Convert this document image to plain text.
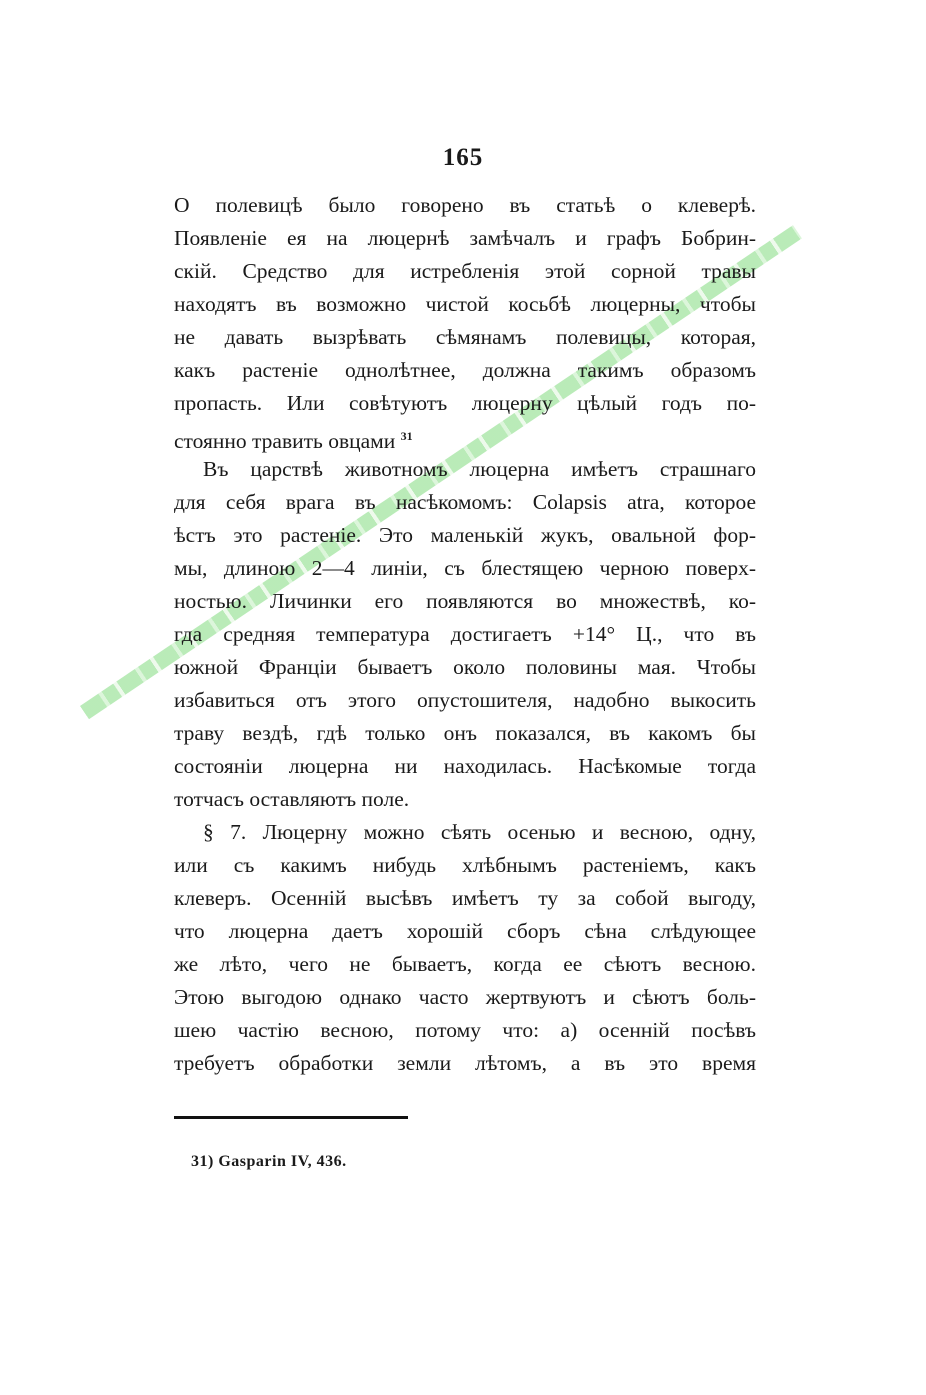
165
О полевицѣ было говорено въ статьѣ о клеверѣ.
Появленіе ея на люцернѣ замѣчалъ и графъ Бобрин-
скій. Средство для истребленія этой сорной травы
находятъ въ возможно чистой косьбѣ люцерны, чтобы
не давать вызрѣвать сѣмянамъ полевицы, которая,
какъ растеніе однолѣтнее, должна такимъ образомъ
пропасть. Или совѣтуютъ люцерну цѣлый годъ по-
стоянно травить овцами $^{31}$
Въ царствѣ животномъ люцерна имѣетъ страшнаго
для себя врага въ насѣкомомъ: Colapsis atra, которое
ѣстъ это растеніе. Это маленькій жукъ, овальной фор-
мы, длиною 2—4 линіи, съ блестящею черною поверх-
ностью. Личинки его появляются во множествѣ, ко-
гда средняя температура достигаетъ +14° Ц., что въ
южной Франціи бываетъ около половины мая. Чтобы
избавиться отъ этого опустошителя, надобно выкосить
траву вездѣ, гдѣ только онъ показался, въ какомъ бы
состояніи люцерна ни находилась. Насѣкомые тогда
тотчасъ оставляютъ поле.
§ 7. Люцерну можно сѣять осенью и весною, одну,
или съ какимъ нибудь хлѣбнымъ растеніемъ, какъ
клеверъ. Осенній высѣвъ имѣетъ ту за собой выгоду,
что люцерна даетъ хорошій сборъ сѣна слѣдующее
же лѣто, чего не бываетъ, когда ее сѣютъ весною.
Этою выгодою однако часто жертвуютъ и сѣютъ боль-
шею частію весною, потому что: а) осенній посѣвъ
требуетъ обработки земли лѣтомъ, а въ это время
31) Gasparin IV, 436.
